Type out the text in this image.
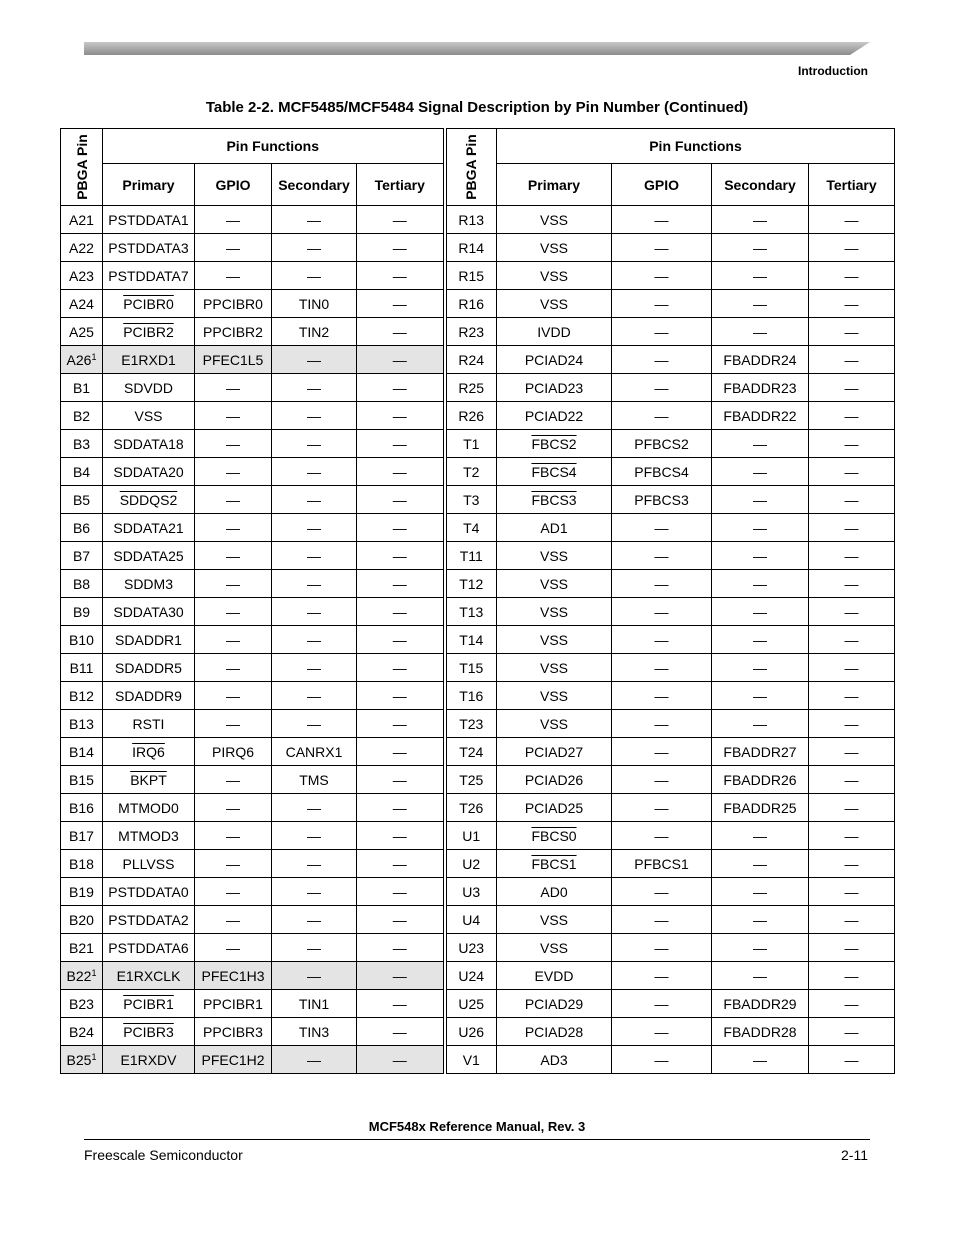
Introduction
Table 2-2. MCF5485/MCF5484 Signal Description by Pin Number (Continued)
PBGA Pin	Pin Functions				PBGA Pin	Pin Functions			
	Primary	GPIO	Secondary	Tertiary		Primary	GPIO	Secondary	Tertiary
A21	PSTDDATA1	—	—	—	R13	VSS	—	—	—
A22	PSTDDATA3	—	—	—	R14	VSS	—	—	—
A23	PSTDDATA7	—	—	—	R15	VSS	—	—	—
A24	PCIBR0	PPCIBR0	TIN0	—	R16	VSS	—	—	—
A25	PCIBR2	PPCIBR2	TIN2	—	R23	IVDD	—	—	—
$A26^1$	E1RXD1	PFEC1L5	—	—	R24	PCIAD24	—	FBADDR24	—
B1	SDVDD	—	—	—	R25	PCIAD23	—	FBADDR23	—
B2	VSS	—	—	—	R26	PCIAD22	—	FBADDR22	—
B3	SDDATA18	—	—	—	T1	FBCS2	PFBCS2	—	—
B4	SDDATA20	—	—	—	T2	FBCS4	PFBCS4	—	—
B5	SDDQS2	—	—	—	T3	FBCS3	PFBCS3	—	—
B6	SDDATA21	—	—	—	T4	AD1	—	—	—
B7	SDDATA25	—	—	—	T11	VSS	—	—	—
B8	SDDM3	—	—	—	T12	VSS	—	—	—
B9	SDDATA30	—	—	—	T13	VSS	—	—	—
B10	SDADDR1	—	—	—	T14	VSS	—	—	—
B11	SDADDR5	—	—	—	T15	VSS	—	—	—
B12	SDADDR9	—	—	—	T16	VSS	—	—	—
B13	RSTI	—	—	—	T23	VSS	—	—	—
B14	IRQ6	PIRQ6	CANRX1	—	T24	PCIAD27	—	FBADDR27	—
B15	BKPT	—	TMS	—	T25	PCIAD26	—	FBADDR26	—
B16	MTMOD0	—	—	—	T26	PCIAD25	—	FBADDR25	—
B17	MTMOD3	—	—	—	U1	FBCS0	—	—	—
B18	PLLVSS	—	—	—	U2	FBCS1	PFBCS1	—	—
B19	PSTDDATA0	—	—	—	U3	AD0	—	—	—
B20	PSTDDATA2	—	—	—	U4	VSS	—	—	—
B21	PSTDDATA6	—	—	—	U23	VSS	—	—	—
$B22^1$	E1RXCLK	PFEC1H3	—	—	U24	EVDD	—	—	—
B23	PCIBR1	PPCIBR1	TIN1	—	U25	PCIAD29	—	FBADDR29	—
B24	PCIBR3	PPCIBR3	TIN3	—	U26	PCIAD28	—	FBADDR28	—
$B25^1$	E1RXDV	PFEC1H2	—	—	V1	AD3	—	—	—
MCF548x Reference Manual, Rev. 3
Freescale Semiconductor	2-11
